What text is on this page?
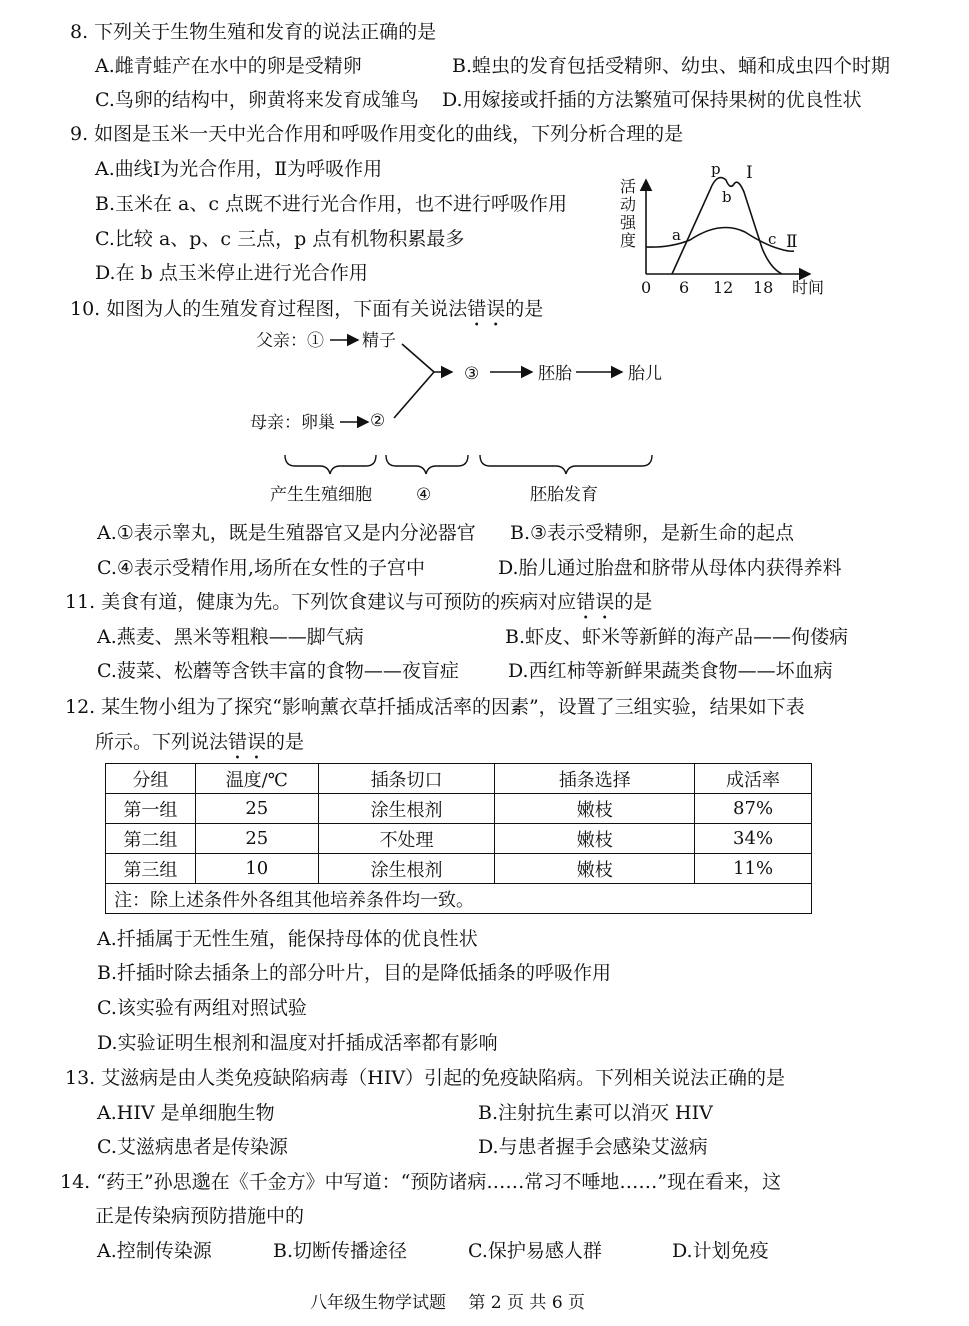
8. 下列关于生物生殖和发育的说法正确的是
A.雌青蛙产在水中的卵是受精卵	B.蝗虫的发育包括受精卵、幼虫、蛹和成虫四个时期
C.鸟卵的结构中，卵黄将来发育成雏鸟 D.用嫁接或扦插的方法繁殖可保持果树的优良性状
9. 如图是玉米一天中光合作用和呼吸作用变化的曲线，下列分析合理的是
A.曲线Ⅰ为光合作用，Ⅱ为呼吸作用
B.玉米在 a、c 点既不进行光合作用，也不进行呼吸作用
C.比较 a、p、c 三点，p 点有机物积累最多
D.在 b 点玉米停止进行光合作用
活
动
强
度
0 6 12 18 时间
p
b
a	c
Ⅰ
Ⅱ
10. 如图为人的生殖发育过程图，下面有关说法错误的是
父亲：① 精子
母亲：卵巢 ②
③	胚胎	胎儿
产生生殖细胞	④	胚胎发育
A.①表示睾丸，既是生殖器官又是内分泌器官 B.③表示受精卵，是新生命的起点
C.④表示受精作用,场所在女性的子宫中	D.胎儿通过胎盘和脐带从母体内获得养料
11. 美食有道，健康为先。下列饮食建议与可预防的疾病对应错误的是
A.燕麦、黑米等粗粮——脚气病	B.虾皮、虾米等新鲜的海产品——佝偻病
C.菠菜、松蘑等含铁丰富的食物——夜盲症	D.西红柿等新鲜果蔬类食物——坏血病
12. 某生物小组为了探究“影响薰衣草扦插成活率的因素”，设置了三组实验，结果如下表
所示。下列说法错误的是
分组	温度/℃	插条切口	插条选择	成活率
第一组	25	涂生根剂	嫩枝	87%
第二组	25	不处理	嫩枝	34%
第三组	10	涂生根剂	嫩枝	11%
注：除上述条件外各组其他培养条件均一致。				
A.扦插属于无性生殖，能保持母体的优良性状
B.扦插时除去插条上的部分叶片，目的是降低插条的呼吸作用
C.该实验有两组对照试验
D.实验证明生根剂和温度对扦插成活率都有影响
13. 艾滋病是由人类免疫缺陷病毒（HIV）引起的免疫缺陷病。下列相关说法正确的是
A.HIV 是单细胞生物	B.注射抗生素可以消灭 HIV
C.艾滋病患者是传染源	D.与患者握手会感染艾滋病
14. “药王”孙思邈在《千金方》中写道：“预防诸病……常习不唾地……”现在看来，这
正是传染病预防措施中的
A.控制传染源	B.切断传播途径	C.保护易感人群	D.计划免疫
八年级生物学试题　 第 2 页 共 6 页
